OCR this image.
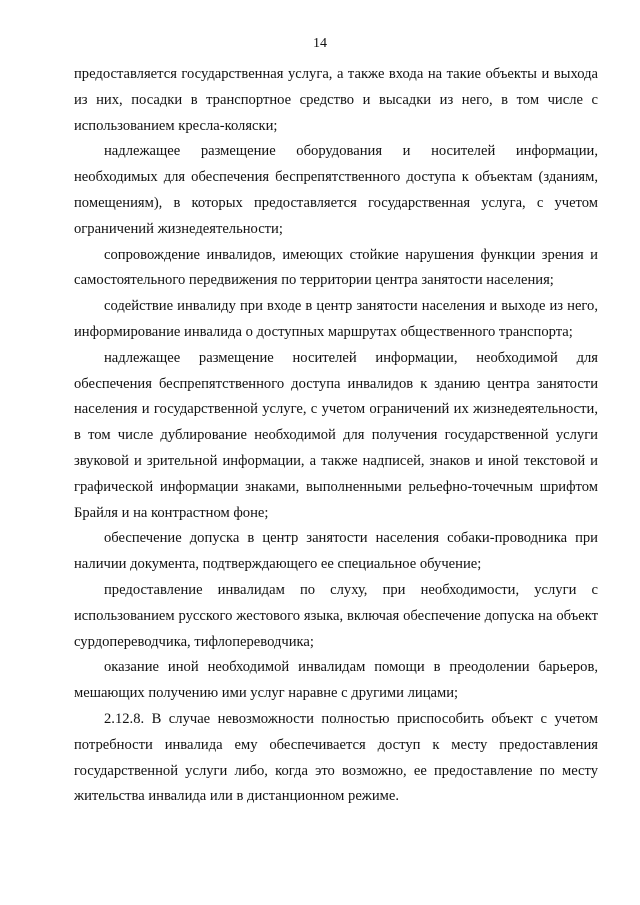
14

предоставляется государственная услуга, а также входа на такие объекты и выхода из них, посадки в транспортное средство и высадки из него, в том числе с использованием кресла-коляски;

надлежащее размещение оборудования и носителей информации, необходимых для обеспечения беспрепятственного доступа к объектам (зданиям, помещениям), в которых предоставляется государственная услуга, с учетом ограничений жизнедеятельности;

сопровождение инвалидов, имеющих стойкие нарушения функции зрения и самостоятельного передвижения по территории центра занятости населения;

содействие инвалиду при входе в центр занятости населения и выходе из него, информирование инвалида о доступных маршрутах общественного транспорта;

надлежащее размещение носителей информации, необходимой для обеспечения беспрепятственного доступа инвалидов к зданию центра занятости населения и государственной услуге, с учетом ограничений их жизнедеятельности, в том числе дублирование необходимой для получения государственной услуги звуковой и зрительной информации, а также надписей, знаков и иной текстовой и графической информации знаками, выполненными рельефно-точечным шрифтом Брайля и на контрастном фоне;

обеспечение допуска в центр занятости населения собаки-проводника при наличии документа, подтверждающего ее специальное обучение;

предоставление инвалидам по слуху, при необходимости, услуги с использованием русского жестового языка, включая обеспечение допуска на объект сурдопереводчика, тифлопереводчика;

оказание иной необходимой инвалидам помощи в преодолении барьеров, мешающих получению ими услуг наравне с другими лицами;

2.12.8. В случае невозможности полностью приспособить объект с учетом потребности инвалида ему обеспечивается доступ к месту предоставления государственной услуги либо, когда это возможно, ее предоставление по месту жительства инвалида или в дистанционном режиме.
